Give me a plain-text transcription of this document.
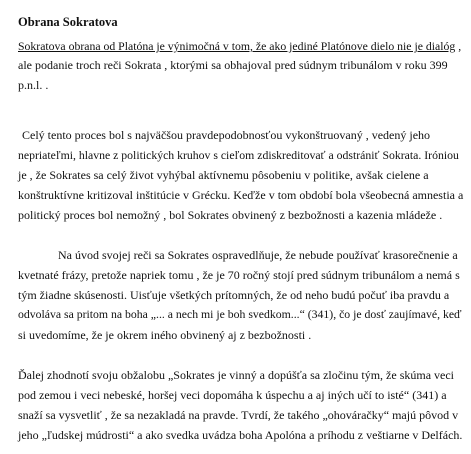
Obrana Sokratova
Sokratova obrana od Platóna je výnimočná v tom, že ako jediné Platónove dielo nie je dialóg ,
ale podanie troch reči Sokrata , ktorými sa obhajoval pred súdnym tribunálom v roku 399
p.n.l. .
Celý tento proces bol s najväčšou pravdepodobnosťou vykonštruovaný , vedený jeho
nepriateľmi, hlavne z politických kruhov s cieľom zdiskreditovať a odstrániť Sokrata. Iróniou
je , že Sokrates sa celý život vyhýbal aktívnemu pôsobeniu v politike, avšak cielene a
konštruktívne kritizoval inštitúcie v Grécku. Keďže v tom období bola všeobecná amnestia a
politický proces bol nemožný , bol Sokrates obvinený z bezbožnosti a kazenia mládeže .
Na úvod svojej reči sa Sokrates ospravedlňuje, že nebude používať krasorečnenie a
kvetnaté frázy, pretože napriek tomu , že je 70 ročný stojí pred súdnym tribunálom a nemá s
tým žiadne skúsenosti. Uisťuje všetkých prítomných, že od neho budú počuť iba pravdu a
odvoláva sa pritom na boha „... a nech mi je boh svedkom...“ (341), čo je dosť zaujímavé, keď
si uvedomíme, že je okrem iného obvinený aj z bezbožnosti .
Ďalej zhodnotí svoju obžalobu „Sokrates je vinný a dopúšťa sa zločinu tým, že skúma veci
pod zemou i veci nebeské, horšej veci dopomáha k úspechu a aj iných učí to isté“ (341) a
snaží sa vysvetliť , že sa nezakladá na pravde. Tvrdí, že takého „ohováračky“ majú pôvod v
jeho „ľudskej múdrosti“ a ako svedka uvádza boha Apolóna a príhodu z veštiarne v Delfách.
